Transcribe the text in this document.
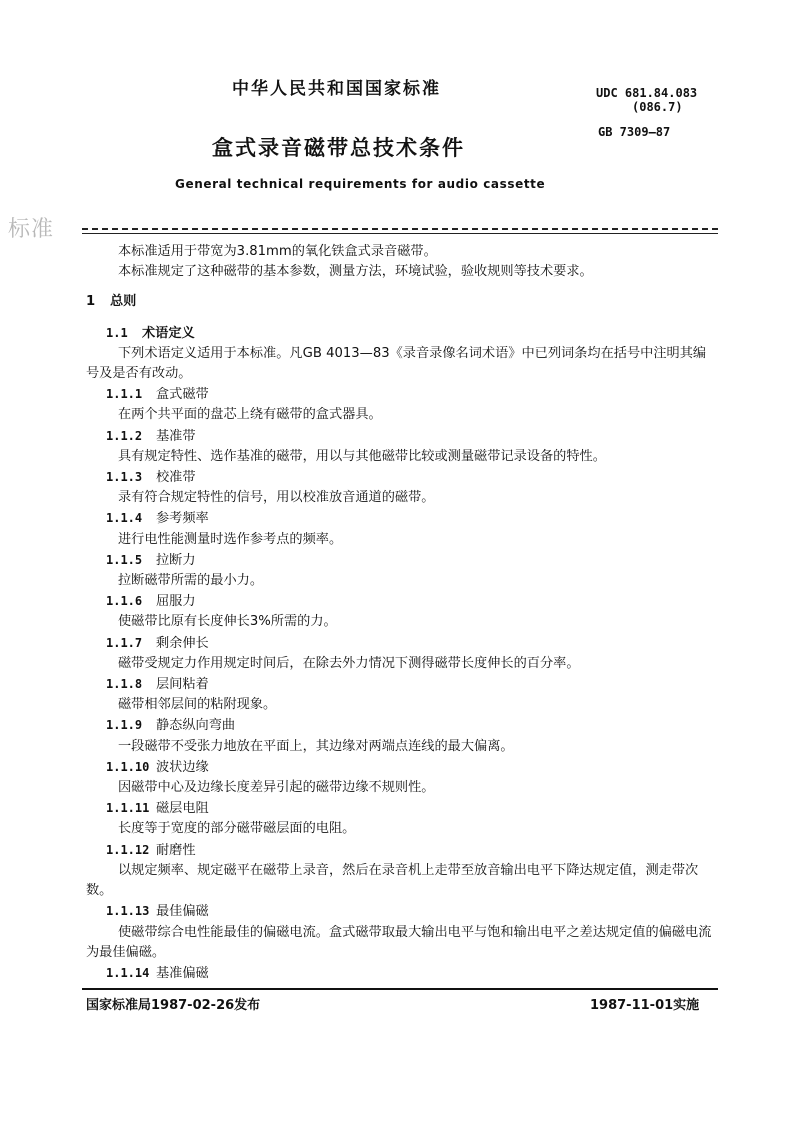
中华人民共和国国家标准	UDC 681.84.083
(086.7)
GB 7309—87
盒式录音磁带总技术条件
General technical requirements for audio cassette
标准

本标准适用于带宽为3.81mm的氧化铁盒式录音磁带。

本标准规定了这种磁带的基本参数，测量方法，环境试验，验收规则等技术要求。

1 总则

1.1 术语定义

下列术语定义适用于本标准。凡GB 4013—83《录音录像名词术语》中已列词条均在括号中注明其编号及是否有改动。

1.1.1 盒式磁带

在两个共平面的盘芯上绕有磁带的盒式器具。

1.1.2 基准带

具有规定特性、选作基准的磁带，用以与其他磁带比较或测量磁带记录设备的特性。

1.1.3 校准带

录有符合规定特性的信号，用以校准放音通道的磁带。

1.1.4 参考频率

进行电性能测量时选作参考点的频率。

1.1.5 拉断力

拉断磁带所需的最小力。

1.1.6 屈服力

使磁带比原有长度伸长3%所需的力。

1.1.7 剩余伸长

磁带受规定力作用规定时间后，在除去外力情况下测得磁带长度伸长的百分率。

1.1.8 层间粘着

磁带相邻层间的粘附现象。

1.1.9 静态纵向弯曲

一段磁带不受张力地放在平面上，其边缘对两端点连线的最大偏离。

1.1.10 波状边缘

因磁带中心及边缘长度差异引起的磁带边缘不规则性。

1.1.11 磁层电阻

长度等于宽度的部分磁带磁层面的电阻。

1.1.12 耐磨性

以规定频率、规定磁平在磁带上录音，然后在录音机上走带至放音输出电平下降达规定值，测走带次数。

1.1.13 最佳偏磁

使磁带综合电性能最佳的偏磁电流。盒式磁带取最大输出电平与饱和输出电平之差达规定值的偏磁电流为最佳偏磁。

1.1.14 基准偏磁

国家标准局1987-02-26发布	1987-11-01实施
